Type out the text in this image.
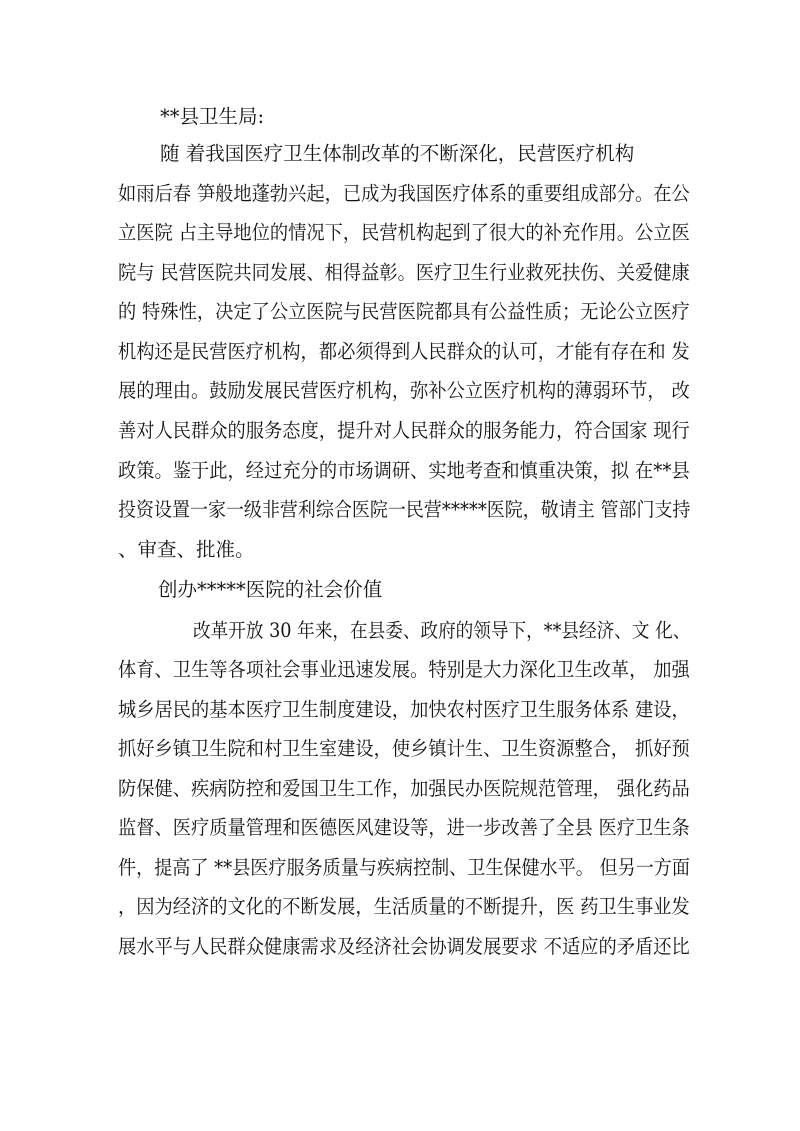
**县卫生局:

随 着我国医疗卫生体制改革的不断深化，民营医疗机构

如雨后春 笋般地蓬勃兴起，已成为我国医疗体系的重要组成部分。在公

立医院 占主导地位的情况下，民营机构起到了很大的补充作用。公立医

院与 民营医院共同发展、相得益彰。医疗卫生行业救死扶伤、关爱健康

的 特殊性，决定了公立医院与民营医院都具有公益性质；无论公立医疗

机构还是民营医疗机构，都必须得到人民群众的认可，才能有存在和 发

展的理由。鼓励发展民营医疗机构，弥补公立医疗机构的薄弱环节， 改

善对人民群众的服务态度，提升对人民群众的服务能力，符合国家 现行

政策。鉴于此，经过充分的市场调研、实地考查和慎重决策，拟 在**县

投资设置一家一级非营利综合医院一民营*****医院，敬请主 管部门支持

、审查、批准。

创办*****医院的社会价值

改革开放 30 年来，在县委、政府的领导下，**县经济、文 化、

体育、卫生等各项社会事业迅速发展。特别是大力深化卫生改革， 加强

城乡居民的基本医疗卫生制度建设，加快农村医疗卫生服务体系 建设，

抓好乡镇卫生院和村卫生室建设，使乡镇计生、卫生资源整合， 抓好预

防保健、疾病防控和爱国卫生工作，加强民办医院规范管理， 强化药品

监督、医疗质量管理和医德医风建设等，进一步改善了全县 医疗卫生条

件，提高了 **县医疗服务质量与疾病控制、卫生保健水平。 但另一方面

，因为经济的文化的不断发展，生活质量的不断提升，医 药卫生事业发

展水平与人民群众健康需求及经济社会协调发展要求 不适应的矛盾还比
